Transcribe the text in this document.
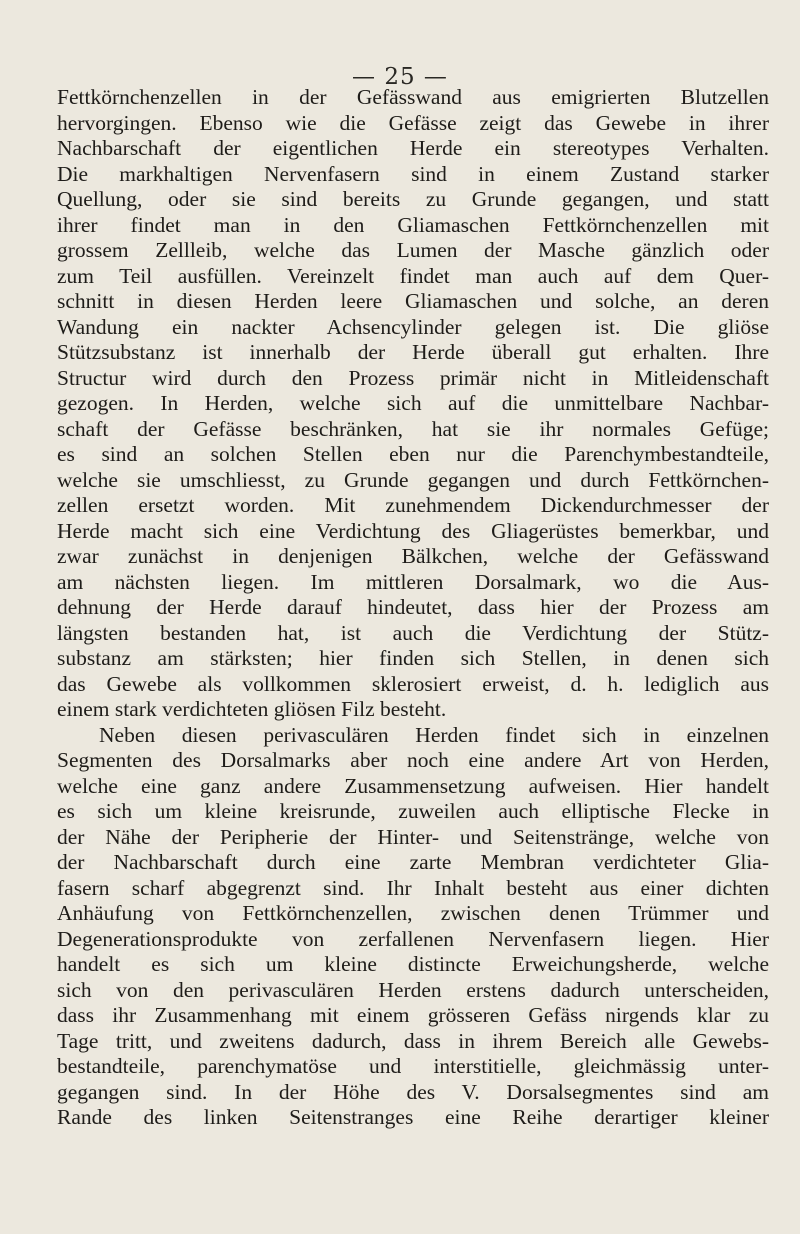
— 25 —
Fettkörnchenzellen in der Gefässwand aus emigrierten Blutzellen
hervorgingen. Ebenso wie die Gefässe zeigt das Gewebe in ihrer
Nachbarschaft der eigentlichen Herde ein stereotypes Verhalten.
Die markhaltigen Nervenfasern sind in einem Zustand starker
Quellung, oder sie sind bereits zu Grunde gegangen, und statt
ihrer findet man in den Gliamaschen Fettkörnchenzellen mit
grossem Zellleib, welche das Lumen der Masche gänzlich oder
zum Teil ausfüllen. Vereinzelt findet man auch auf dem Quer-
schnitt in diesen Herden leere Gliamaschen und solche, an deren
Wandung ein nackter Achsencylinder gelegen ist. Die gliöse
Stützsubstanz ist innerhalb der Herde überall gut erhalten. Ihre
Structur wird durch den Prozess primär nicht in Mitleidenschaft
gezogen. In Herden, welche sich auf die unmittelbare Nachbar-
schaft der Gefässe beschränken, hat sie ihr normales Gefüge;
es sind an solchen Stellen eben nur die Parenchymbestandteile,
welche sie umschliesst, zu Grunde gegangen und durch Fettkörnchen-
zellen ersetzt worden. Mit zunehmendem Dickendurchmesser der
Herde macht sich eine Verdichtung des Gliagerüstes bemerkbar, und
zwar zunächst in denjenigen Bälkchen, welche der Gefässwand
am nächsten liegen. Im mittleren Dorsalmark, wo die Aus-
dehnung der Herde darauf hindeutet, dass hier der Prozess am
längsten bestanden hat, ist auch die Verdichtung der Stütz-
substanz am stärksten; hier finden sich Stellen, in denen sich
das Gewebe als vollkommen sklerosiert erweist, d. h. lediglich aus
einem stark verdichteten gliösen Filz besteht.
Neben diesen perivasculären Herden findet sich in einzelnen
Segmenten des Dorsalmarks aber noch eine andere Art von Herden,
welche eine ganz andere Zusammensetzung aufweisen. Hier handelt
es sich um kleine kreisrunde, zuweilen auch elliptische Flecke in
der Nähe der Peripherie der Hinter- und Seitenstränge, welche von
der Nachbarschaft durch eine zarte Membran verdichteter Glia-
fasern scharf abgegrenzt sind. Ihr Inhalt besteht aus einer dichten
Anhäufung von Fettkörnchenzellen, zwischen denen Trümmer und
Degenerationsprodukte von zerfallenen Nervenfasern liegen. Hier
handelt es sich um kleine distincte Erweichungsherde, welche
sich von den perivasculären Herden erstens dadurch unterscheiden,
dass ihr Zusammenhang mit einem grösseren Gefäss nirgends klar zu
Tage tritt, und zweitens dadurch, dass in ihrem Bereich alle Gewebs-
bestandteile, parenchymatöse und interstitielle, gleichmässig unter-
gegangen sind. In der Höhe des V. Dorsalsegmentes sind am
Rande des linken Seitenstranges eine Reihe derartiger kleiner
